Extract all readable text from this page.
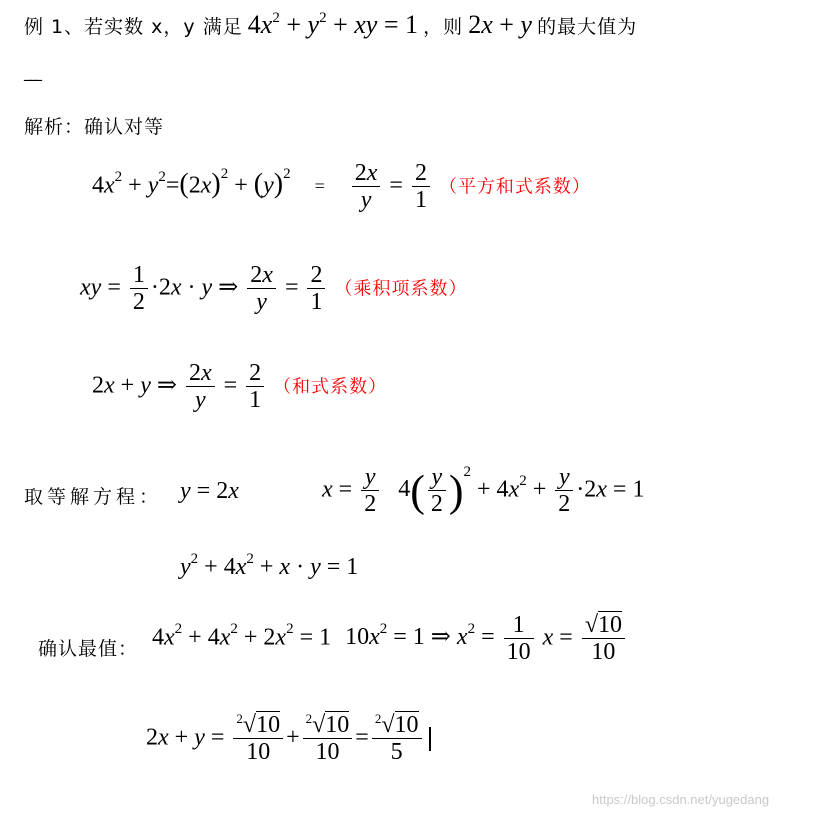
例 1、若实数 x，y 满足 $4x^2 + y^2$ + xy = 1 ，则 2x + y 的最大值为
___
解析：确认对等
$4x^2 + y^2=(2x)^2 + (y)^2 = \frac{2x}{y} = \frac{2}{1}$ （平方和式系数）
xy = $\frac{1}{2} \cdot 2x \cdot y$ ⇒ $\frac{2x}{y} = \frac{2}{1}$ （乘积项系数）
2x + y ⇒ $\frac{2x}{y} = \frac{2}{1}$ （和式系数）
取等解方程： y = 2x	$x = \frac{y}{2} 4( \frac{y}{2} )^2 + 4x^2 + \frac{y}{2} \cdot 2x = 1$
$y^2 + 4x^2 + x \cdot y = 1$
确认最值： $4x^2 + 4x^2 + 2x^2 = 1$ $10x^2 = 1$ ⇒ $x^2 = \frac{1}{10}$ $x = \frac{√10}{10}$
$2x + y = \frac{^2√10}{10} + \frac{^2√10}{10} = \frac{^2√10}{5}$
https://blog.csdn.net/yugedang
